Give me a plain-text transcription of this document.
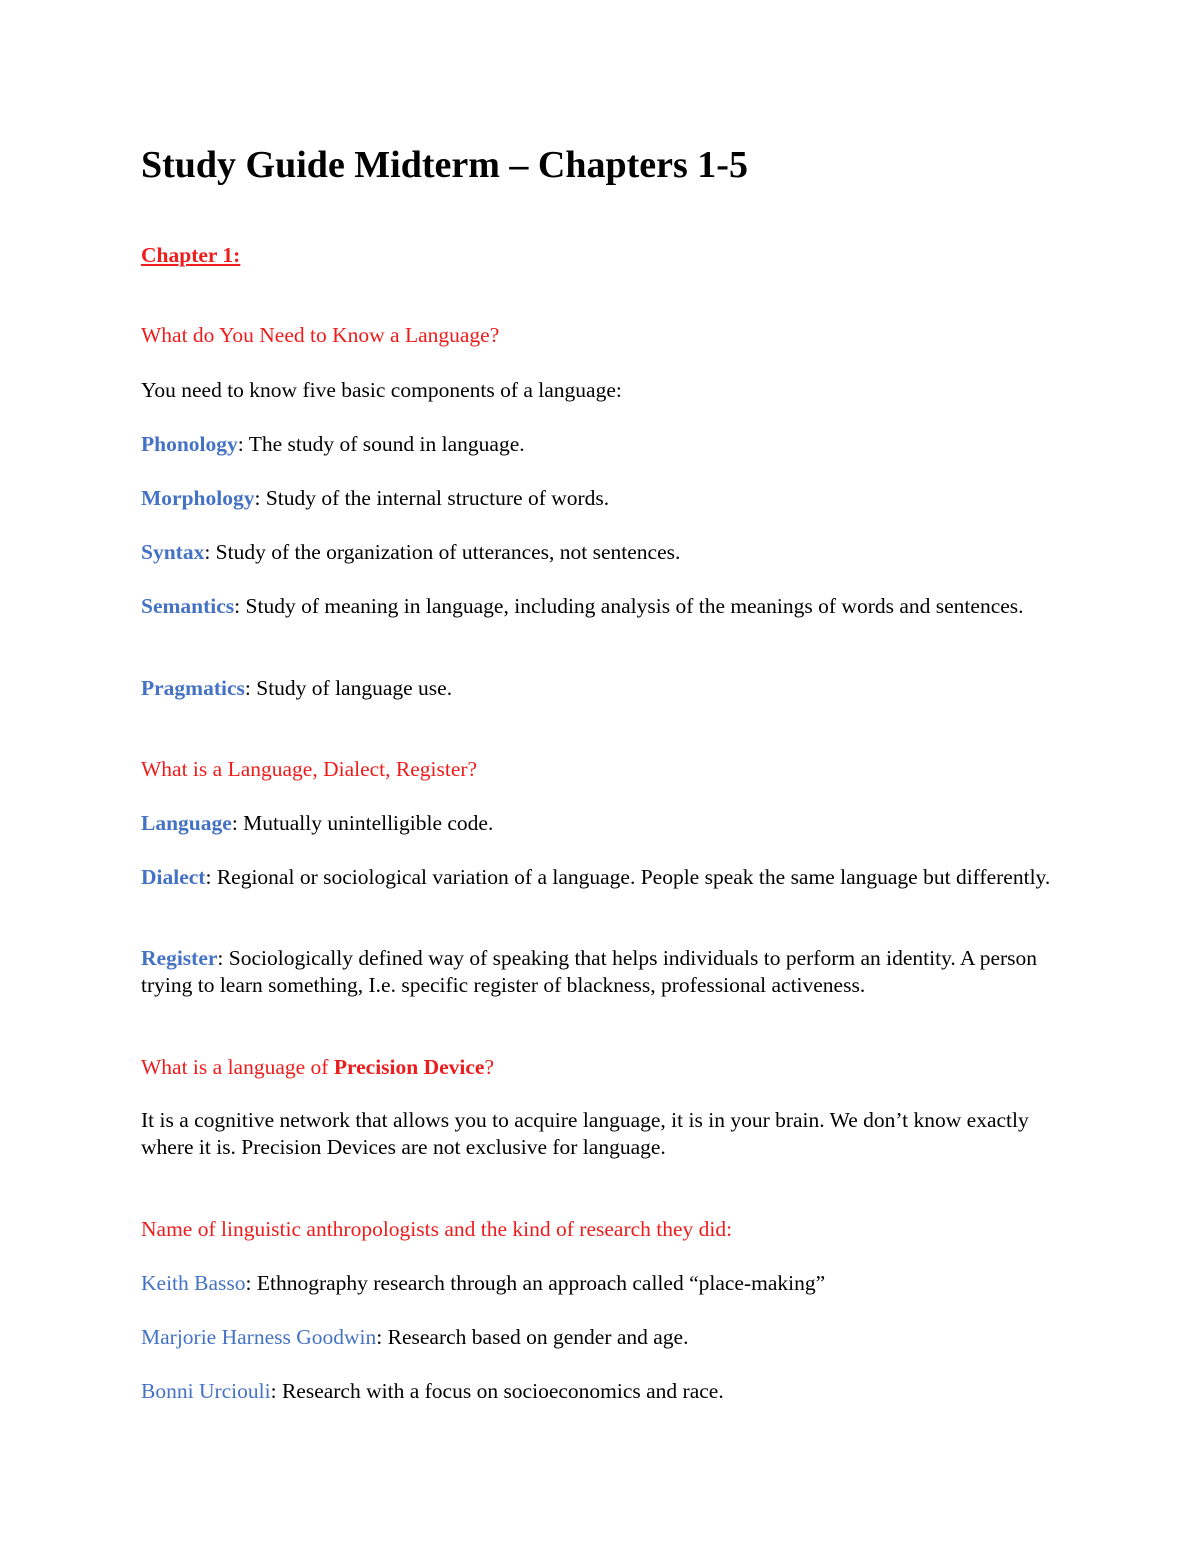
Study Guide Midterm – Chapters 1-5

Chapter 1:

What do You Need to Know a Language?

You need to know five basic components of a language:

Phonology: The study of sound in language.

Morphology: Study of the internal structure of words.

Syntax: Study of the organization of utterances, not sentences.

Semantics: Study of meaning in language, including analysis of the meanings of words and sentences.

Pragmatics: Study of language use.

What is a Language, Dialect, Register?

Language: Mutually unintelligible code.

Dialect: Regional or sociological variation of a language. People speak the same language but differently.

Register: Sociologically defined way of speaking that helps individuals to perform an identity. A person trying to learn something, I.e. specific register of blackness, professional activeness.

What is a language of Precision Device?

It is a cognitive network that allows you to acquire language, it is in your brain. We don’t know exactly where it is. Precision Devices are not exclusive for language.

Name of linguistic anthropologists and the kind of research they did:

Keith Basso: Ethnography research through an approach called “place-making”

Marjorie Harness Goodwin: Research based on gender and age.

Bonni Urciouli: Research with a focus on socioeconomics and race.
